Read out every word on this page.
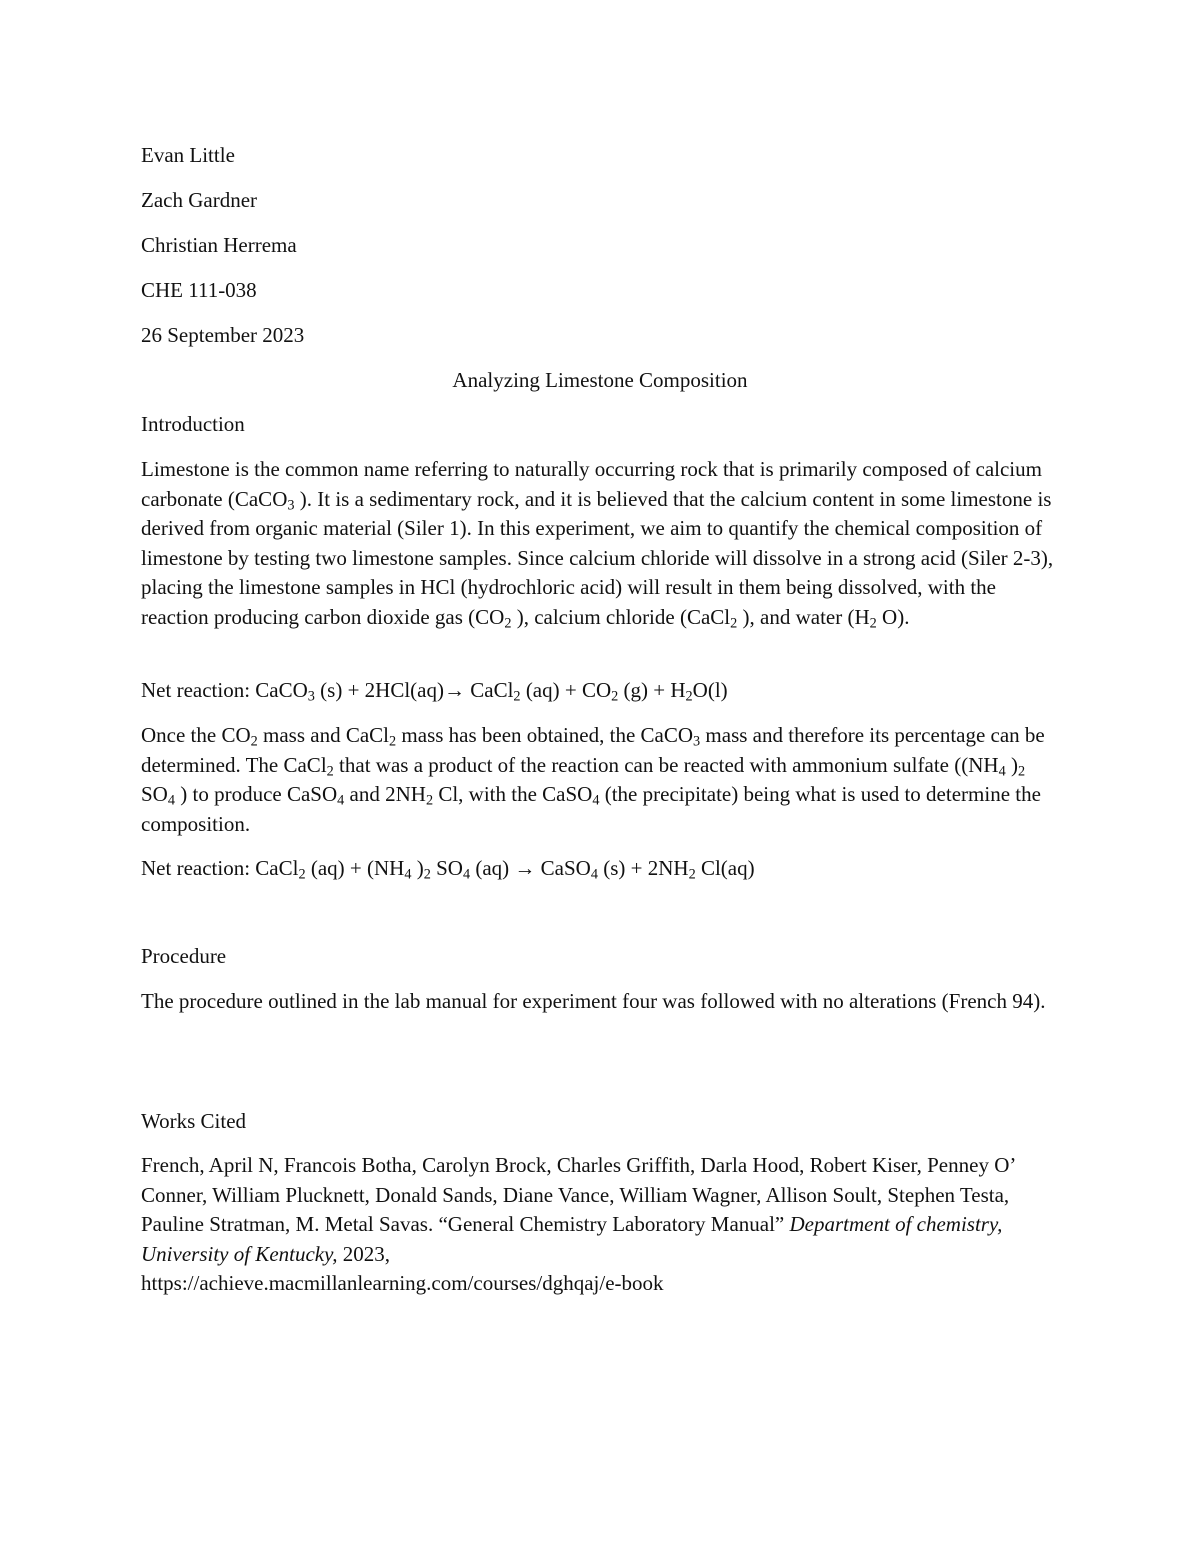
Evan Little
Zach Gardner
Christian Herrema
CHE 111-038
26 September 2023
Analyzing Limestone Composition
Introduction

Limestone is the common name referring to naturally occurring rock that is primarily composed of calcium carbonate (CaCO$_3$ ). It is a sedimentary rock, and it is believed that the calcium content in some limestone is derived from organic material (Siler 1). In this experiment, we aim to quantify the chemical composition of limestone by testing two limestone samples. Since calcium chloride will dissolve in a strong acid (Siler 2-3), placing the limestone samples in HCl (hydrochloric acid) will result in them being dissolved, with the reaction producing carbon dioxide gas ($CO_2$ ), calcium chloride (CaCl$_2$ ), and water ($H_2$ O).

Net reaction: CaCO$_3$ (s) + 2HCl(aq)→ CaCl$_2$ $(aq) + CO_2$ $(g) + H_2O(l)$

Once the $CO_2$ mass and CaCl$_2$ mass has been obtained, the CaCO$_3$ mass and therefore its percentage can be determined. The CaCl$_2$ that was a product of the reaction can be reacted with ammonium sulfate (($NH_4$ )$_2$ $SO_4$ ) to produce CaSO$_4$ and $2NH_2$ Cl, with the CaSO$_4$ (the precipitate) being what is used to determine the composition.

Net reaction: CaCl$_2$ $(aq) + (NH_4$ )$_2$ $SO_4$ (aq) → CaSO$_4$ $(s) + 2NH_2$ Cl(aq)
Procedure

The procedure outlined in the lab manual for experiment four was followed with no alterations (French 94).

Works Cited

French, April N, Francois Botha, Carolyn Brock, Charles Griffith, Darla Hood, Robert Kiser, Penney O’ Conner, William Plucknett, Donald Sands, Diane Vance, William Wagner, Allison Soult, Stephen Testa, Pauline Stratman, M. Metal Savas. “General Chemistry Laboratory Manual” Department of chemistry, University of Kentucky, 2023,
https://achieve.macmillanlearning.com/courses/dghqaj/e-book
